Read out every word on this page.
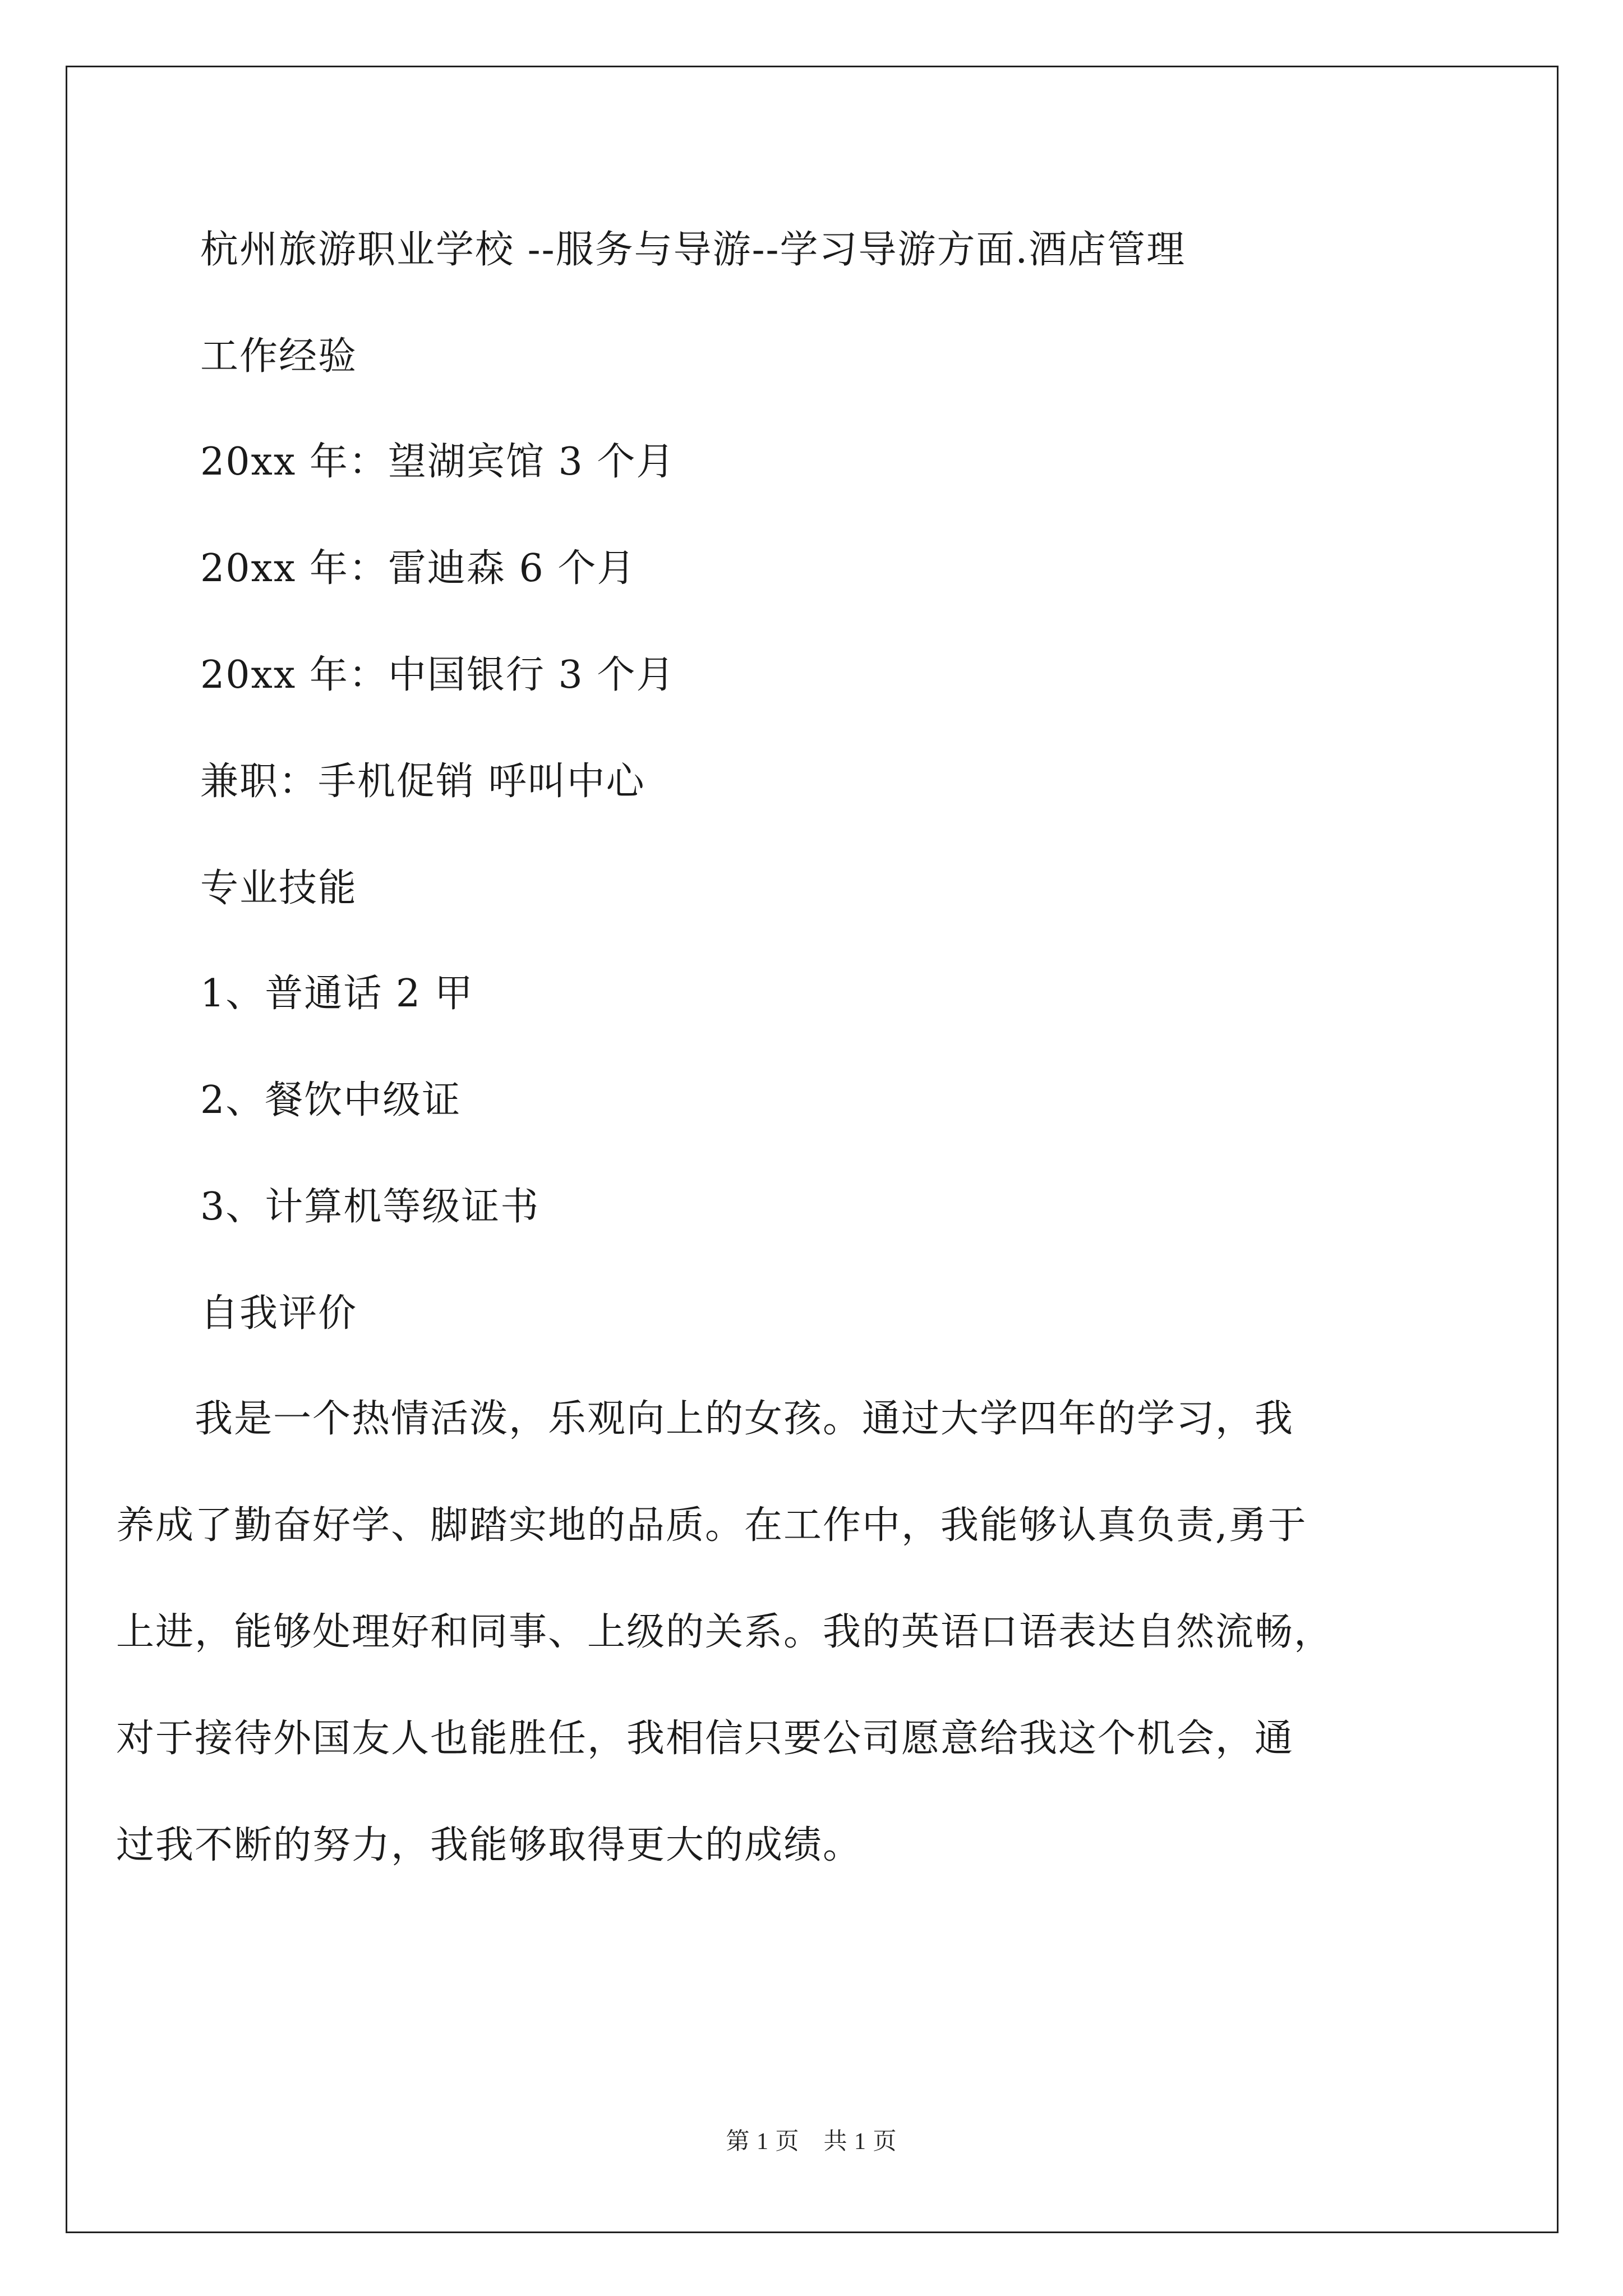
杭州旅游职业学校 --服务与导游--学习导游方面.酒店管理
工作经验
20xx 年：望湖宾馆 3 个月
20xx 年：雷迪森 6 个月
20xx 年：中国银行 3 个月
兼职：手机促销 呼叫中心
专业技能
1、普通话 2 甲
2、餐饮中级证
3、计算机等级证书
自我评价
　　我是一个热情活泼，乐观向上的女孩。通过大学四年的学习，我
养成了勤奋好学、脚踏实地的品质。在工作中，我能够认真负责,勇于
上进，能够处理好和同事、上级的关系。我的英语口语表达自然流畅，
对于接待外国友人也能胜任，我相信只要公司愿意给我这个机会，通
过我不断的努力，我能够取得更大的成绩。
第 1 页　共 1 页
